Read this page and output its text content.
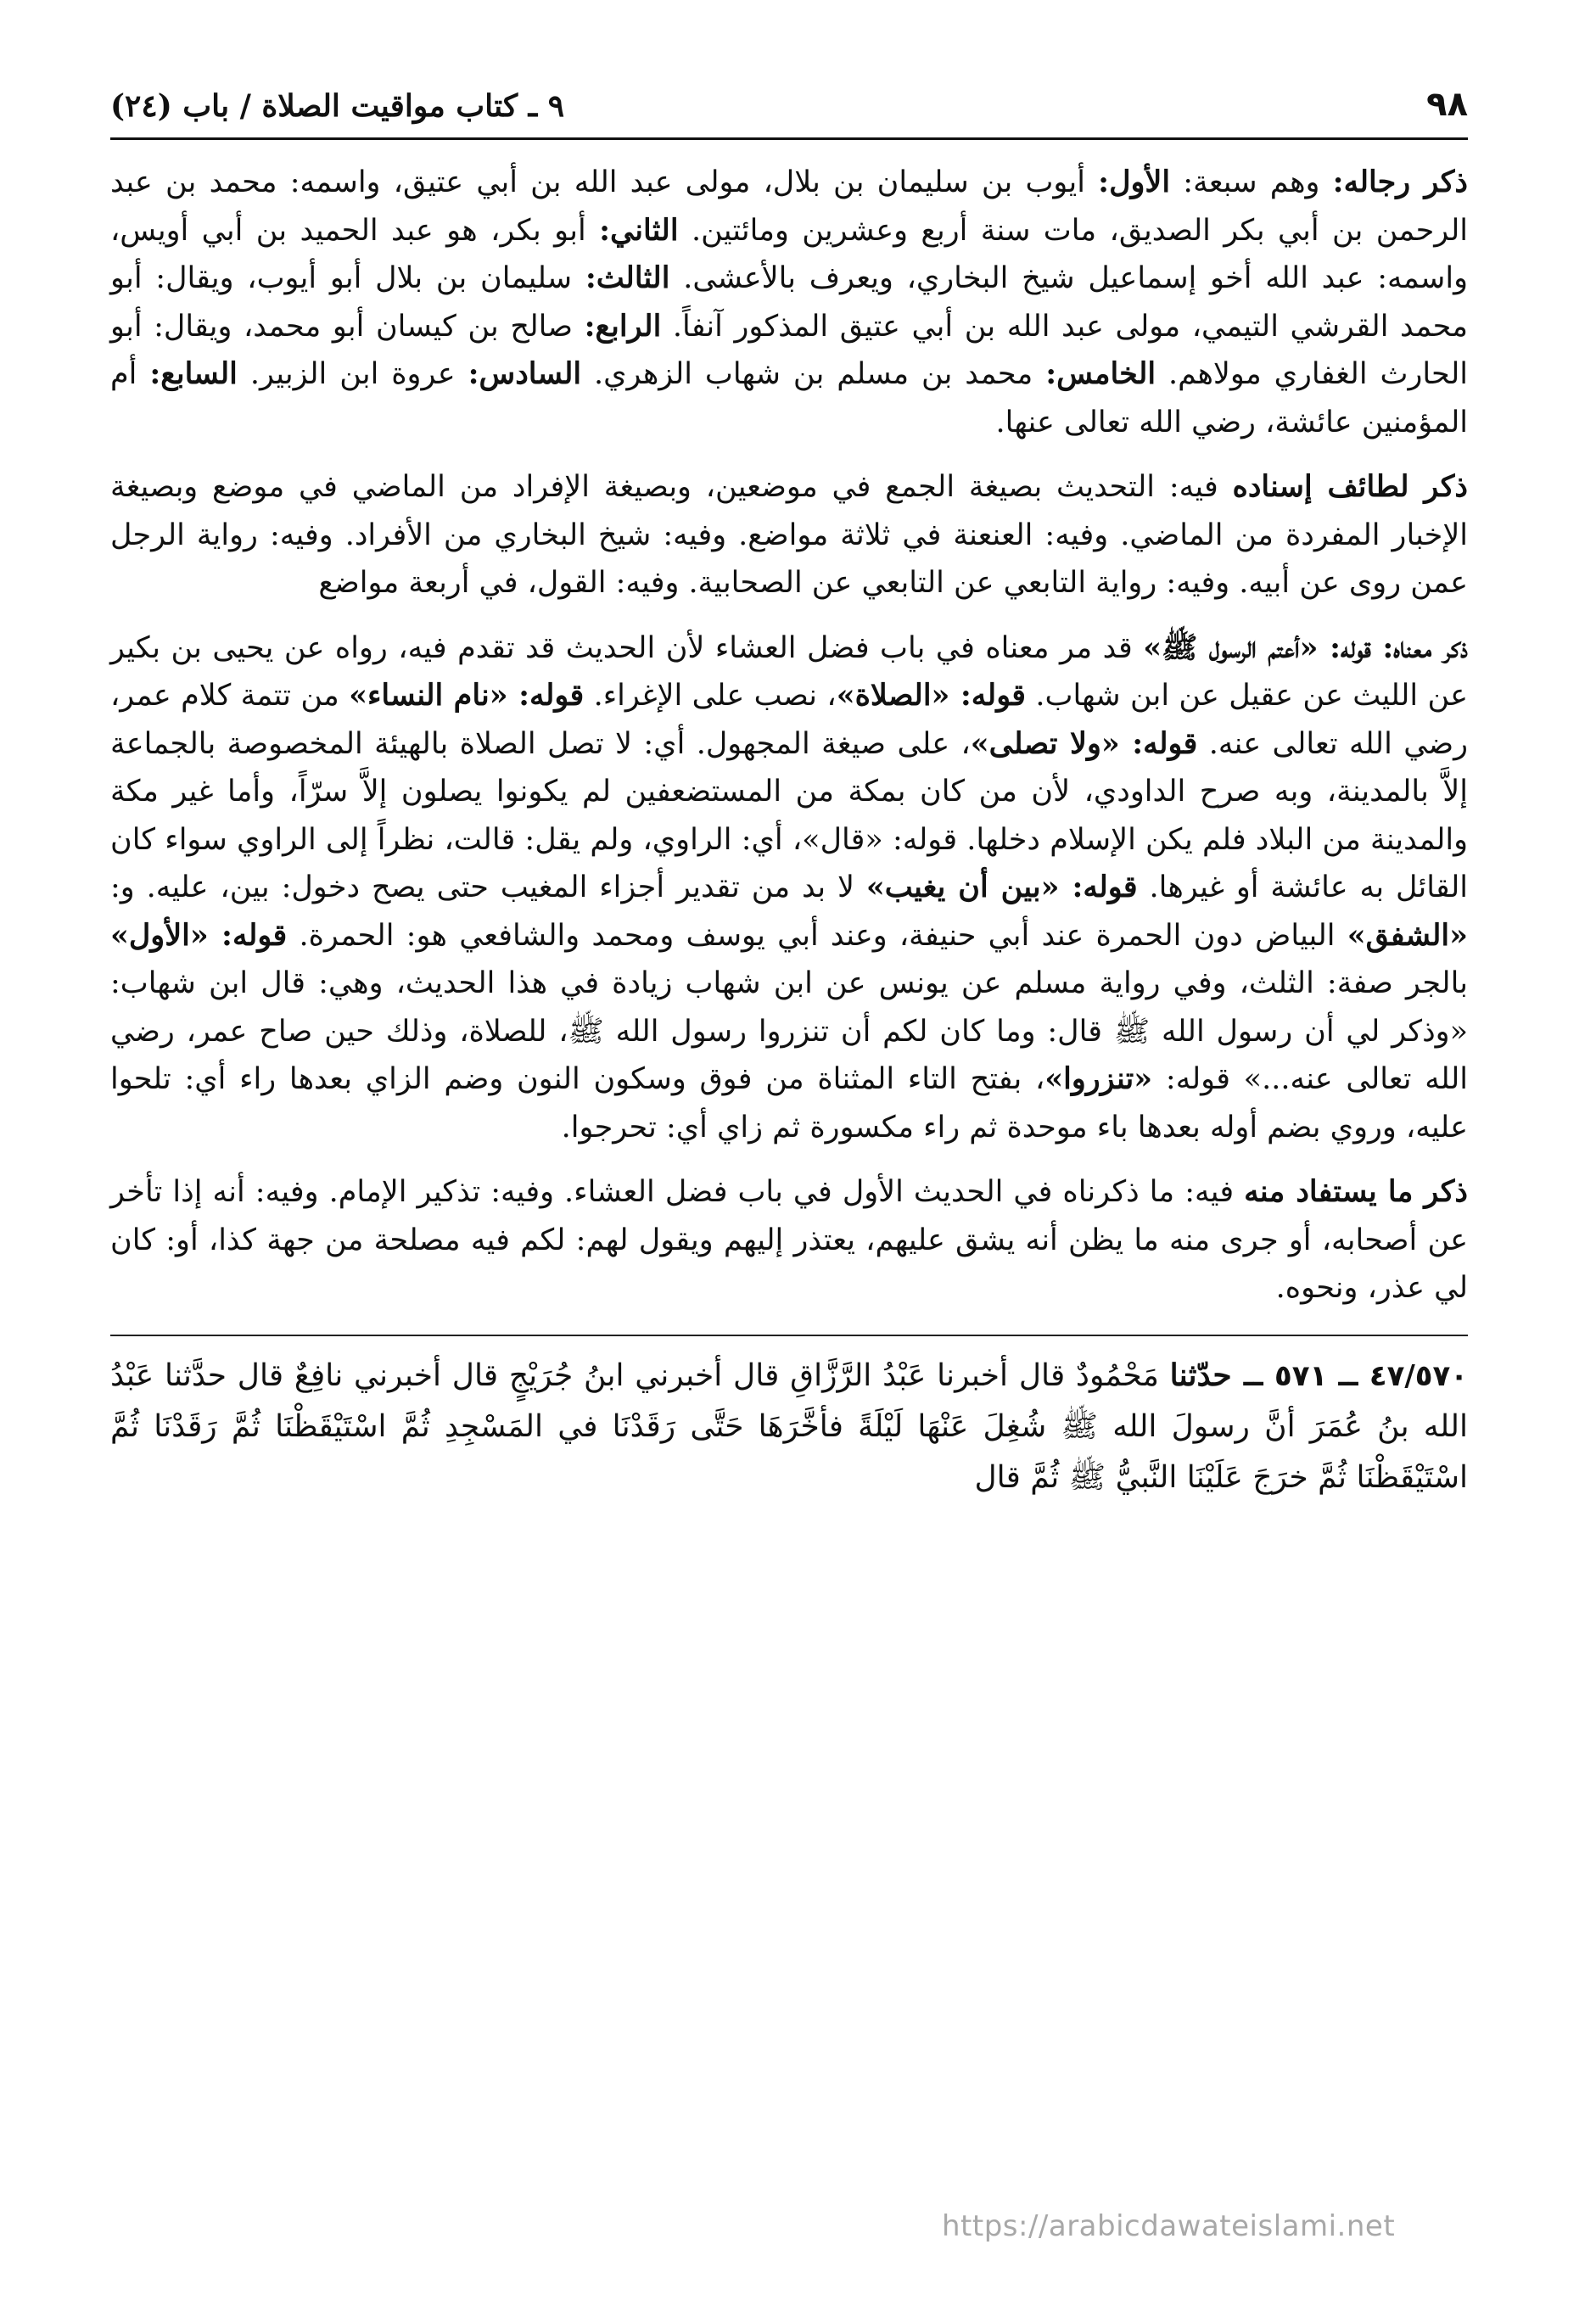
٩٨
٩ ـ كتاب مواقيت الصلاة / باب (٢٤)

ذكر رجاله: وهم سبعة: الأول: أيوب بن سليمان بن بلال، مولى عبد الله بن أبي عتيق، واسمه: محمد بن عبد الرحمن بن أبي بكر الصديق، مات سنة أربع وعشرين ومائتين. الثاني: أبو بكر، هو عبد الحميد بن أبي أويس، واسمه: عبد الله أخو إسماعيل شيخ البخاري، ويعرف بالأعشى. الثالث: سليمان بن بلال أبو أيوب، ويقال: أبو محمد القرشي التيمي، مولى عبد الله بن أبي عتيق المذكور آنفاً. الرابع: صالح بن كيسان أبو محمد، ويقال: أبو الحارث الغفاري مولاهم. الخامس: محمد بن مسلم بن شهاب الزهري. السادس: عروة ابن الزبير. السابع: أم المؤمنين عائشة، رضي الله تعالى عنها.

ذكر لطائف إسناده فيه: التحديث بصيغة الجمع في موضعين، وبصيغة الإفراد من الماضي في موضع وبصيغة الإخبار المفردة من الماضي. وفيه: العنعنة في ثلاثة مواضع. وفيه: شيخ البخاري من الأفراد. وفيه: رواية الرجل عمن روى عن أبيه. وفيه: رواية التابعي عن التابعي عن الصحابية. وفيه: القول، في أربعة مواضع

ذكر معناه: قوله: «أعتم الرسول ﷺ» قد مر معناه في باب فضل العشاء لأن الحديث قد تقدم فيه، رواه عن يحيى بن بكير عن الليث عن عقيل عن ابن شهاب. قوله: «الصلاة»، نصب على الإغراء. قوله: «نام النساء» من تتمة كلام عمر، رضي الله تعالى عنه. قوله: «ولا تصلى»، على صيغة المجهول. أي: لا تصل الصلاة بالهيئة المخصوصة بالجماعة إلاَّ بالمدينة، وبه صرح الداودي، لأن من كان بمكة من المستضعفين لم يكونوا يصلون إلاَّ سرّاً، وأما غير مكة والمدينة من البلاد فلم يكن الإسلام دخلها. قوله: «قال»، أي: الراوي، ولم يقل: قالت، نظراً إلى الراوي سواء كان القائل به عائشة أو غيرها. قوله: «بين أن يغيب» لا بد من تقدير أجزاء المغيب حتى يصح دخول: بين، عليه. و: «الشفق» البياض دون الحمرة عند أبي حنيفة، وعند أبي يوسف ومحمد والشافعي هو: الحمرة. قوله: «الأول» بالجر صفة: الثلث، وفي رواية مسلم عن يونس عن ابن شهاب زيادة في هذا الحديث، وهي: قال ابن شهاب: «وذكر لي أن رسول الله ﷺ قال: وما كان لكم أن تنزروا رسول الله ﷺ، للصلاة، وذلك حين صاح عمر، رضي الله تعالى عنه...» قوله: «تنزروا»، بفتح التاء المثناة من فوق وسكون النون وضم الزاي بعدها راء أي: تلحوا عليه، وروي بضم أوله بعدها باء موحدة ثم راء مكسورة ثم زاي أي: تحرجوا.

ذكر ما يستفاد منه فيه: ما ذكرناه في الحديث الأول في باب فضل العشاء. وفيه: تذكير الإمام. وفيه: أنه إذا تأخر عن أصحابه، أو جرى منه ما يظن أنه يشق عليهم، يعتذر إليهم ويقول لهم: لكم فيه مصلحة من جهة كذا، أو: كان لي عذر، ونحوه.

٤٧/٥٧٠ ــ ٥٧١ ــ حدّثنا مَحْمُودٌ قال أخبرنا عَبْدُ الرَّزَّاقِ قال أخبرني ابنُ جُرَيْجٍ قال أخبرني نافِعٌ قال حدَّثنا عَبْدُ الله بنُ عُمَرَ أنَّ رسولَ الله ﷺ شُغِلَ عَنْهَا لَيْلَةً فأخَّرَهَا حَتَّى رَقَدْنَا في المَسْجِدِ ثُمَّ اسْتَيْقَظْنَا ثُمَّ رَقَدْنَا ثُمَّ اسْتَيْقَظْنَا ثُمَّ خرَجَ عَلَيْنَا النَّبيُّ ﷺ ثُمَّ قال

https://arabicdawateislami.net
